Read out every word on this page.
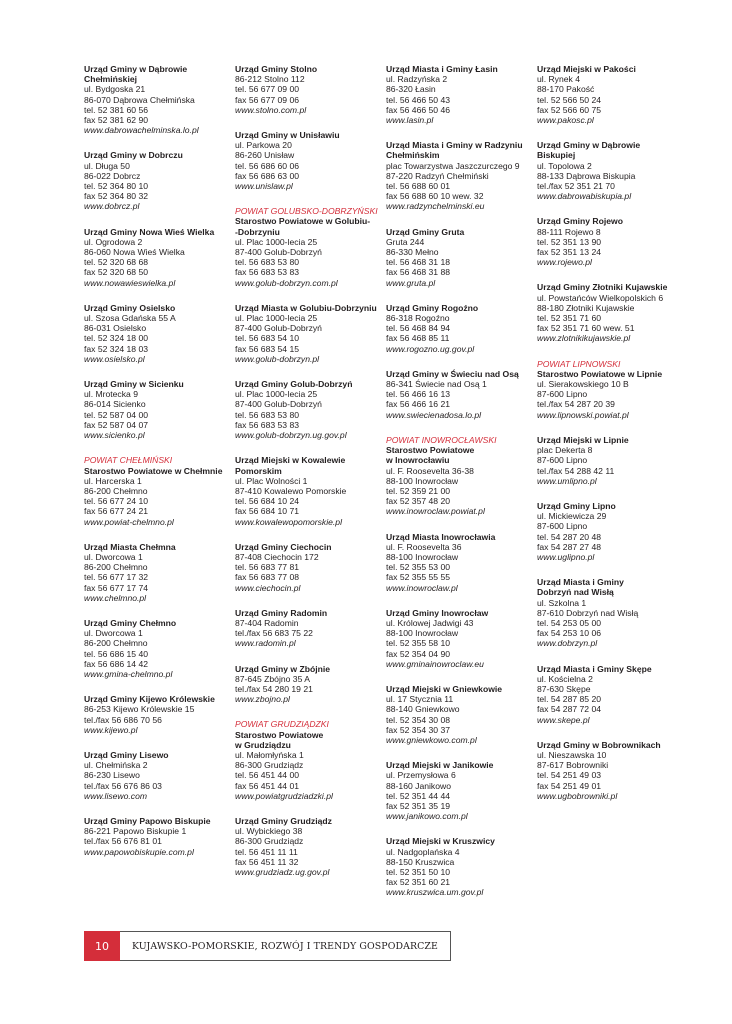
Urząd Gminy w Dąbrowie
Chełmińskiej
ul. Bydgoska 21
86-070 Dąbrowa Chełmińska
tel. 52 381 60 56
fax 52 381 62 90
www.dabrowachelminska.lo.pl
Urząd Gminy w Dobrczu
ul. Długa 50
86-022 Dobrcz
tel. 52 364 80 10
fax 52 364 80 32
www.dobrcz.pl
Urząd Gminy Nowa Wieś Wielka
ul. Ogrodowa 2
86-060 Nowa Wieś Wielka
tel. 52 320 68 68
fax 52 320 68 50
www.nowawieswielka.pl
Urząd Gminy Osielsko
ul. Szosa Gdańska 55 A
86-031 Osielsko
tel. 52 324 18 00
fax 52 324 18 03
www.osielsko.pl
Urząd Gminy w Sicienku
ul. Mrotecka 9
86-014 Sicienko
tel. 52 587 04 00
fax 52 587 04 07
www.sicienko.pl
POWIAT CHEŁMIŃSKI
Starostwo Powiatowe w Chełmnie
ul. Harcerska 1
86-200 Chełmno
tel. 56 677 24 10
fax 56 677 24 21
www.powiat-chelmno.pl
Urząd Miasta Chełmna
ul. Dworcowa 1
86-200 Chełmno
tel. 56 677 17 32
fax 56 677 17 74
www.chelmno.pl
Urząd Gminy Chełmno
ul. Dworcowa 1
86-200 Chełmno
tel. 56 686 15 40
fax 56 686 14 42
www.gmina-chelmno.pl
Urząd Gminy Kijewo Królewskie
86-253 Kijewo Królewskie 15
tel./fax 56 686 70 56
www.kijewo.pl
Urząd Gminy Lisewo
ul. Chełmińska 2
86-230 Lisewo
tel./fax 56 676 86 03
www.lisewo.com
Urząd Gminy Papowo Biskupie
86-221 Papowo Biskupie 1
tel./fax 56 676 81 01
www.papowobiskupie.com.pl
Urząd Gminy Stolno
86-212 Stolno 112
tel. 56 677 09 00
fax 56 677 09 06
www.stolno.com.pl
Urząd Gminy w Unisławiu
ul. Parkowa 20
86-260 Unisław
tel. 56 686 60 06
fax 56 686 63 00
www.unislaw.pl
POWIAT GOLUBSKO-DOBRZYŃSKI
Starostwo Powiatowe w Golubiu-
-Dobrzyniu
ul. Plac 1000-lecia 25
87-400 Golub-Dobrzyń
tel. 56 683 53 80
fax 56 683 53 83
www.golub-dobrzyn.com.pl
Urząd Miasta w Golubiu-Dobrzyniu
ul. Plac 1000-lecia 25
87-400 Golub-Dobrzyń
tel. 56 683 54 10
fax 56 683 54 15
www.golub-dobrzyn.pl
Urząd Gminy Golub-Dobrzyń
ul. Plac 1000-lecia 25
87-400 Golub-Dobrzyń
tel. 56 683 53 80
fax 56 683 53 83
www.golub-dobrzyn.ug.gov.pl
Urząd Miejski w Kowalewie
Pomorskim
ul. Plac Wolności 1
87-410 Kowalewo Pomorskie
tel. 56 684 10 24
fax 56 684 10 71
www.kowalewopomorskie.pl
Urząd Gminy Ciechocin
87-408 Ciechocin 172
tel. 56 683 77 81
fax 56 683 77 08
www.ciechocin.pl
Urząd Gminy Radomin
87-404 Radomin
tel./fax 56 683 75 22
www.radomin.pl
Urząd Gminy w Zbójnie
87-645 Zbójno 35 A
tel./fax 54 280 19 21
www.zbojno.pl
POWIAT GRUDZIĄDZKI
Starostwo Powiatowe
w Grudziądzu
ul. Małomłyńska 1
86-300 Grudziądz
tel. 56 451 44 00
fax 56 451 44 01
www.powiatgrudziadzki.pl
Urząd Gminy Grudziądz
ul. Wybickiego 38
86-300 Grudziądz
tel. 56 451 11 11
fax 56 451 11 32
www.grudziadz.ug.gov.pl
Urząd Miasta i Gminy Łasin
ul. Radzyńska 2
86-320 Łasin
tel. 56 466 50 43
fax 56 466 50 46
www.lasin.pl
Urząd Miasta i Gminy w Radzyniu
Chełmińskim
plac Towarzystwa Jaszczurczego 9
87-220 Radzyń Chełmiński
tel. 56 688 60 01
fax 56 688 60 10 wew. 32
www.radzynchelminski.eu
Urząd Gminy Gruta
Gruta 244
86-330 Mełno
tel. 56 468 31 18
fax 56 468 31 88
www.gruta.pl
Urząd Gminy Rogoźno
86-318 Rogoźno
tel. 56 468 84 94
fax 56 468 85 11
www.rogozno.ug.gov.pl
Urząd Gminy w Świeciu nad Osą
86-341 Świecie nad Osą 1
tel. 56 466 16 13
fax 56 466 16 21
www.swiecienadosa.lo.pl
POWIAT INOWROCŁAWSKI
Starostwo Powiatowe
w Inowrocławiu
ul. F. Roosevelta 36-38
88-100 Inowrocław
tel. 52 359 21 00
fax 52 357 48 20
www.inowroclaw.powiat.pl
Urząd Miasta Inowrocławia
ul. F. Roosevelta 36
88-100 Inowrocław
tel. 52 355 53 00
fax 52 355 55 55
www.inowroclaw.pl
Urząd Gminy Inowrocław
ul. Królowej Jadwigi 43
88-100 Inowrocław
tel. 52 355 58 10
fax 52 354 04 90
www.gminainowroclaw.eu
Urząd Miejski w Gniewkowie
ul. 17 Stycznia 11
88-140 Gniewkowo
tel. 52 354 30 08
fax 52 354 30 37
www.gniewkowo.com.pl
Urząd Miejski w Janikowie
ul. Przemysłowa 6
88-160 Janikowo
tel. 52 351 44 44
fax 52 351 35 19
www.janikowo.com.pl
Urząd Miejski w Kruszwicy
ul. Nadgoplańska 4
88-150 Kruszwica
tel. 52 351 50 10
fax 52 351 60 21
www.kruszwica.um.gov.pl
Urząd Miejski w Pakości
ul. Rynek 4
88-170 Pakość
tel. 52 566 50 24
fax 52 566 60 75
www.pakosc.pl
Urząd Gminy w Dąbrowie
Biskupiej
ul. Topolowa 2
88-133 Dąbrowa Biskupia
tel./fax 52 351 21 70
www.dabrowabiskupia.pl
Urząd Gminy Rojewo
88-111 Rojewo 8
tel. 52 351 13 90
fax 52 351 13 24
www.rojewo.pl
Urząd Gminy Złotniki Kujawskie
ul. Powstańców Wielkopolskich 6
88-180 Złotniki Kujawskie
tel. 52 351 71 60
fax 52 351 71 60 wew. 51
www.zlotnikikujawskie.pl
POWIAT LIPNOWSKI
Starostwo Powiatowe w Lipnie
ul. Sierakowskiego 10 B
87-600 Lipno
tel./fax 54 287 20 39
www.lipnowski.powiat.pl
Urząd Miejski w Lipnie
plac Dekerta 8
87-600 Lipno
tel./fax 54 288 42 11
www.umlipno.pl
Urząd Gminy Lipno
ul. Mickiewicza 29
87-600 Lipno
tel. 54 287 20 48
fax 54 287 27 48
www.uglipno.pl
Urząd Miasta i Gminy
Dobrzyń nad Wisłą
ul. Szkolna 1
87-610 Dobrzyń nad Wisłą
tel. 54 253 05 00
fax 54 253 10 06
www.dobrzyn.pl
Urząd Miasta i Gminy Skępe
ul. Kościelna 2
87-630 Skępe
tel. 54 287 85 20
fax 54 287 72 04
www.skepe.pl
Urząd Gminy w Bobrownikach
ul. Nieszawska 10
87-617 Bobrowniki
tel. 54 251 49 03
fax 54 251 49 01
www.ugbobrowniki.pl
10	KUJAWSKO-POMORSKIE, ROZWÓJ I TRENDY GOSPODARCZE
